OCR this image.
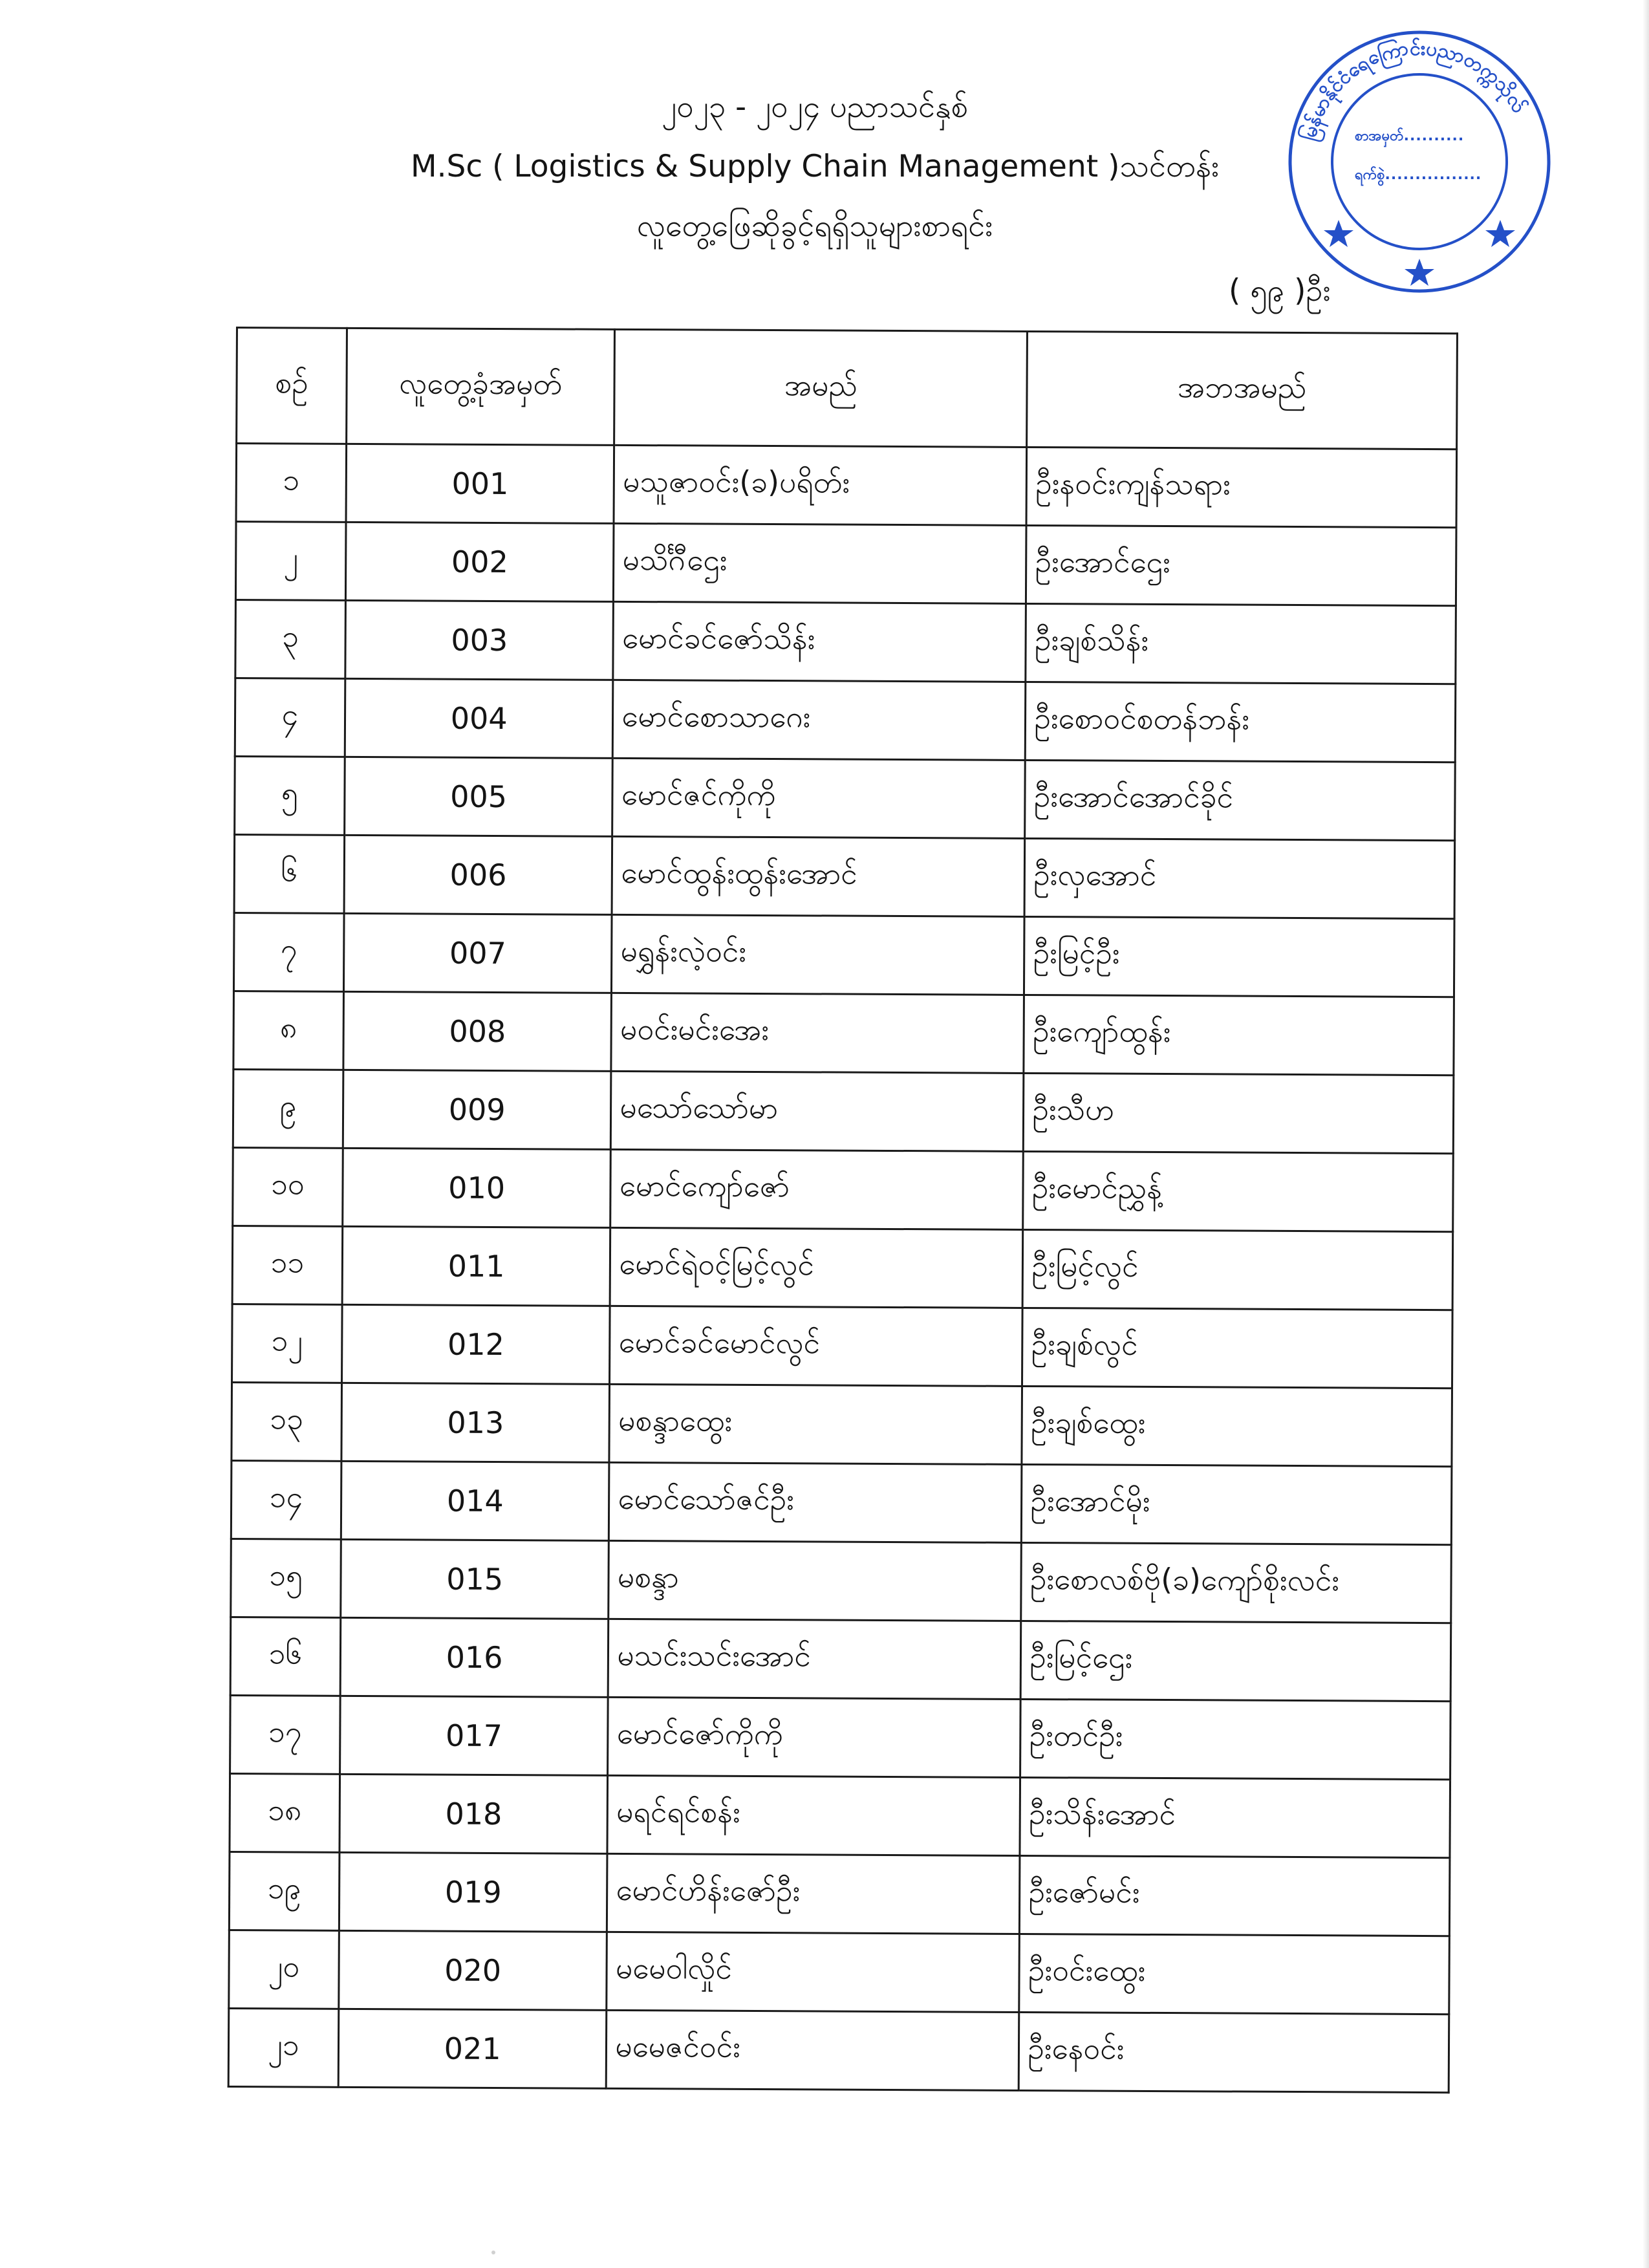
၂၀၂၃ - ၂၀၂၄ ပညာသင်နှစ်
M.Sc ( Logistics & Supply Chain Management )သင်တန်း
လူတွေ့ဖြေဆိုခွင့်ရရှိသူများစာရင်း
( ၅၉ )ဦး
မြန်မာနိုင်ငံရေကြောင်းပညာတက္ကသိုလ်
စာအမှတ်..........
ရက်စွဲ................
စဉ်	လူတွေ့ခုံအမှတ်	အမည်	အဘအမည်
၁	001	မသူဇာဝင်း(ခ)ပရိတ်း	ဦးနဝင်းကျန်သရား
၂	002	မသိင်္ဂီဌေး	ဦးအောင်ဌေး
၃	003	မောင်ခင်ဇော်သိန်း	ဦးချစ်သိန်း
၄	004	မောင်စောသာဂေး	ဦးစောဝင်စတန်ဘန်း
၅	005	မောင်ဇင်ကိုကို	ဦးအောင်အောင်ခိုင်
၆	006	မောင်ထွန်းထွန်းအောင်	ဦးလှအောင်
၇	007	မရွှန်းလဲ့ဝင်း	ဦးမြင့်ဦး
၈	008	မဝင်းမင်းအေး	ဦးကျော်ထွန်း
၉	009	မသော်သော်မာ	ဦးသီဟ
၁၀	010	မောင်ကျော်ဇော်	ဦးမောင်ညွှန့်
၁၁	011	မောင်ရဲဝင့်မြင့်လွင်	ဦးမြင့်လွင်
၁၂	012	မောင်ခင်မောင်လွင်	ဦးချစ်လွင်
၁၃	013	မစန္ဒာထွေး	ဦးချစ်ထွေး
၁၄	014	မောင်သော်ဇင်ဦး	ဦးအောင်မိုး
၁၅	015	မစန္ဒာ	ဦးစောလစ်ဗို(ခ)ကျော်စိုးလင်း
၁၆	016	မသင်းသင်းအောင်	ဦးမြင့်ဌေး
၁၇	017	မောင်ဇော်ကိုကို	ဦးတင်ဦး
၁၈	018	မရင်ရင်စန်း	ဦးသိန်းအောင်
၁၉	019	မောင်ဟိန်းဇော်ဦး	ဦးဇော်မင်း
၂၀	020	မမေဝါလှိုင်	ဦးဝင်းထွေး
၂၁	021	မမေဇင်ဝင်း	ဦးနေဝင်း
